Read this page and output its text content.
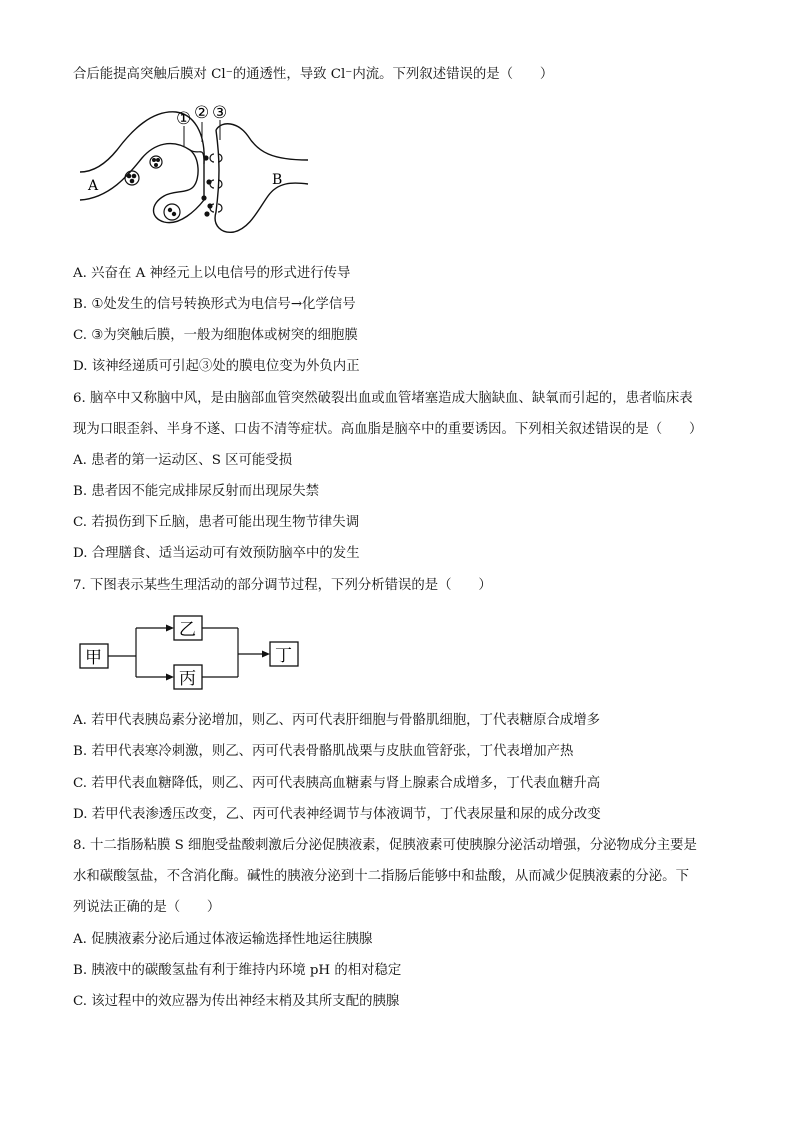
合后能提高突触后膜对 Cl⁻的通透性，导致 Cl⁻内流。下列叙述错误的是（　　）
① ② ③
A	B
A. 兴奋在 A 神经元上以电信号的形式进行传导
B. ①处发生的信号转换形式为电信号→化学信号
C. ③为突触后膜，一般为细胞体或树突的细胞膜
D. 该神经递质可引起③处的膜电位变为外负内正
6. 脑卒中又称脑中风，是由脑部血管突然破裂出血或血管堵塞造成大脑缺血、缺氧而引起的，患者临床表
现为口眼歪斜、半身不遂、口齿不清等症状。高血脂是脑卒中的重要诱因。下列相关叙述错误的是（　　）
A. 患者的第一运动区、S 区可能受损
B. 患者因不能完成排尿反射而出现尿失禁
C. 若损伤到下丘脑，患者可能出现生物节律失调
D. 合理膳食、适当运动可有效预防脑卒中的发生
7. 下图表示某些生理活动的部分调节过程，下列分析错误的是（　　）
甲
乙
丙
丁
A. 若甲代表胰岛素分泌增加，则乙、丙可代表肝细胞与骨骼肌细胞，丁代表糖原合成增多
B. 若甲代表寒冷刺激，则乙、丙可代表骨骼肌战栗与皮肤血管舒张，丁代表增加产热
C. 若甲代表血糖降低，则乙、丙可代表胰高血糖素与肾上腺素合成增多，丁代表血糖升高
D. 若甲代表渗透压改变，乙、丙可代表神经调节与体液调节，丁代表尿量和尿的成分改变
8. 十二指肠粘膜 S 细胞受盐酸刺激后分泌促胰液素，促胰液素可使胰腺分泌活动增强，分泌物成分主要是
水和碳酸氢盐，不含消化酶。碱性的胰液分泌到十二指肠后能够中和盐酸，从而减少促胰液素的分泌。下
列说法正确的是（　　）
A. 促胰液素分泌后通过体液运输选择性地运往胰腺
B. 胰液中的碳酸氢盐有利于维持内环境 pH 的相对稳定
C. 该过程中的效应器为传出神经末梢及其所支配的胰腺
